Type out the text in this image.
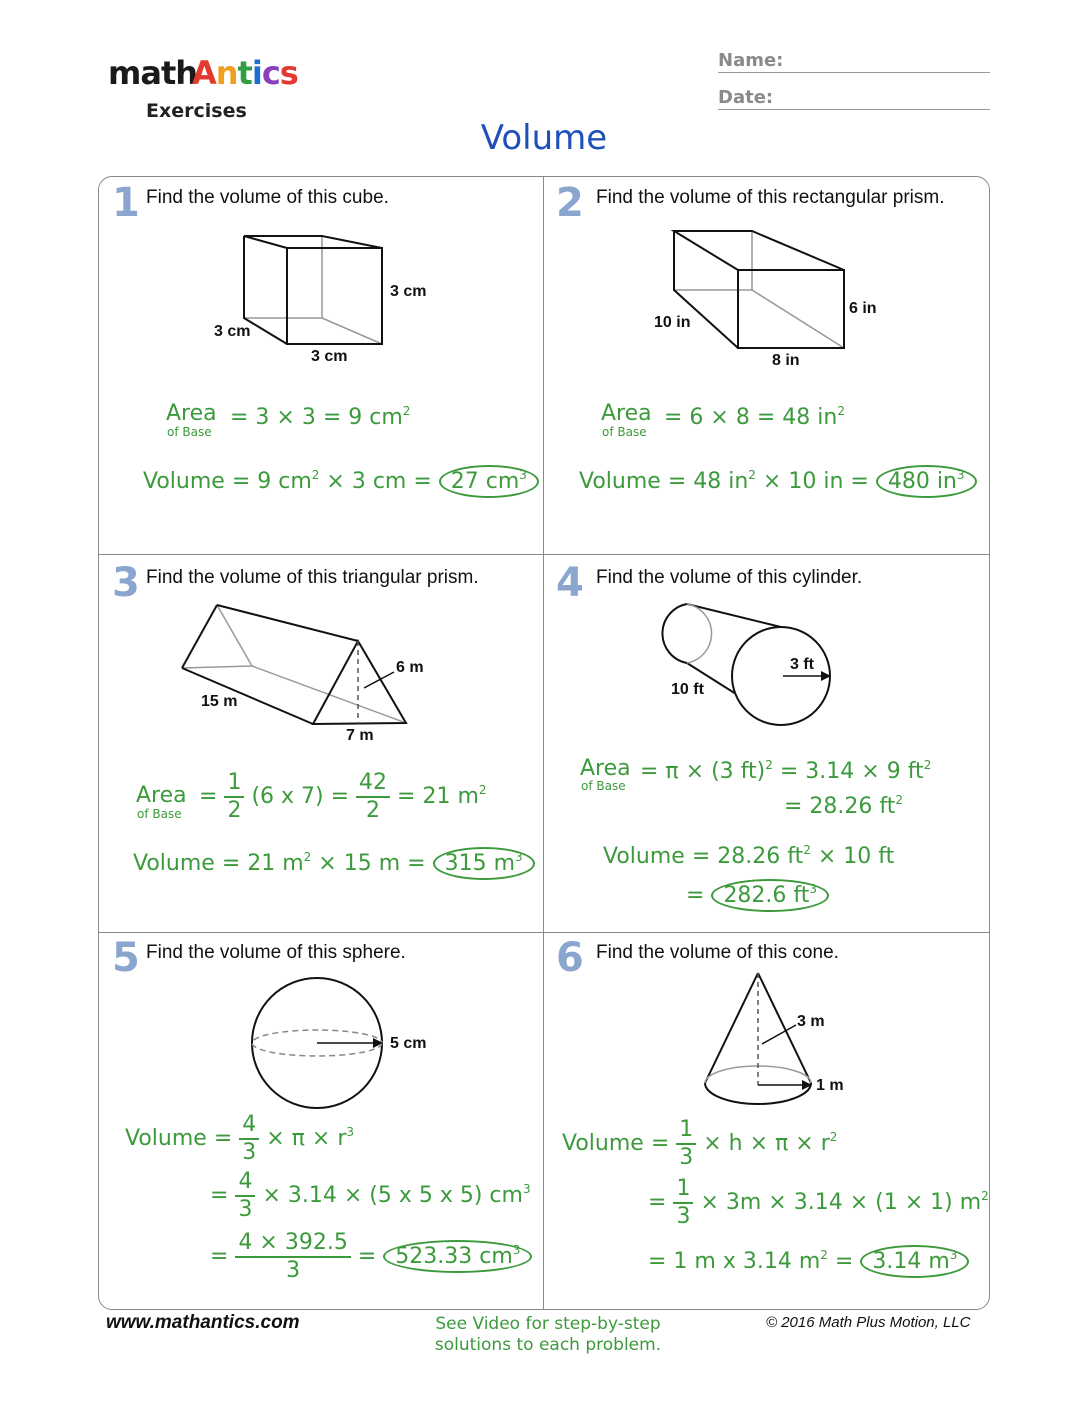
math
Antics
Exercises
Name:
Date:
Volume
1 Find the volume of this cube.
3 cm
3 cm
3 cm
Area
of Base
= 3 × 3 = 9 $cm^2$
Volume = 9 $cm^2 \times 3$ cm = 27 $cm^3$
2 Find the volume of this rectangular prism.
6 in
10 in
8 in
Area
of Base
= 6 × 8 = 48 $in^2$
Volume = 48 $in^2 \times 10$ in = 480 $in^3$
3 Find the volume of this triangular prism.
6 m
15 m
7 m
Area
of Base
= $\frac{1}{2} (6$ x $7) = \frac{42}{2} = 21$ $m^2$
Volume = 21 $m^2 \times 15$ m = 315 $m^3$
4 Find the volume of this cylinder.
3 ft
10 ft
Area
of Base
= π × (3 ft)$^2$ = 3.14 × 9 $ft^2$
= 28.26 $ft^2$
Volume = 28.26 $ft^2 \times 10$ ft
= 282.6 $ft^3$
5 Find the volume of this sphere.
5 cm
Volume = $\frac{4}{3} \times \pi \times r^3$
= $\frac{4}{3} \times 3.14 \times (5$ x 5 x 5) $cm^3$
= $\frac{4 \times 392.5}{3} = 523.33$ $cm^3$
6 Find the volume of this cone.
3 m
1 m
Volume = $\frac{1}{3} \times h \times \pi \times r^2$
= $\frac{1}{3} \times 3m \times 3.14 \times (1 \times 1)$ $m^2$
= 1 m x 3.14 $m^2 = 3.14$ $m^3$
www.mathantics.com	See Video for step-by-step
solutions to each problem.
© 2016 Math Plus Motion, LLC
